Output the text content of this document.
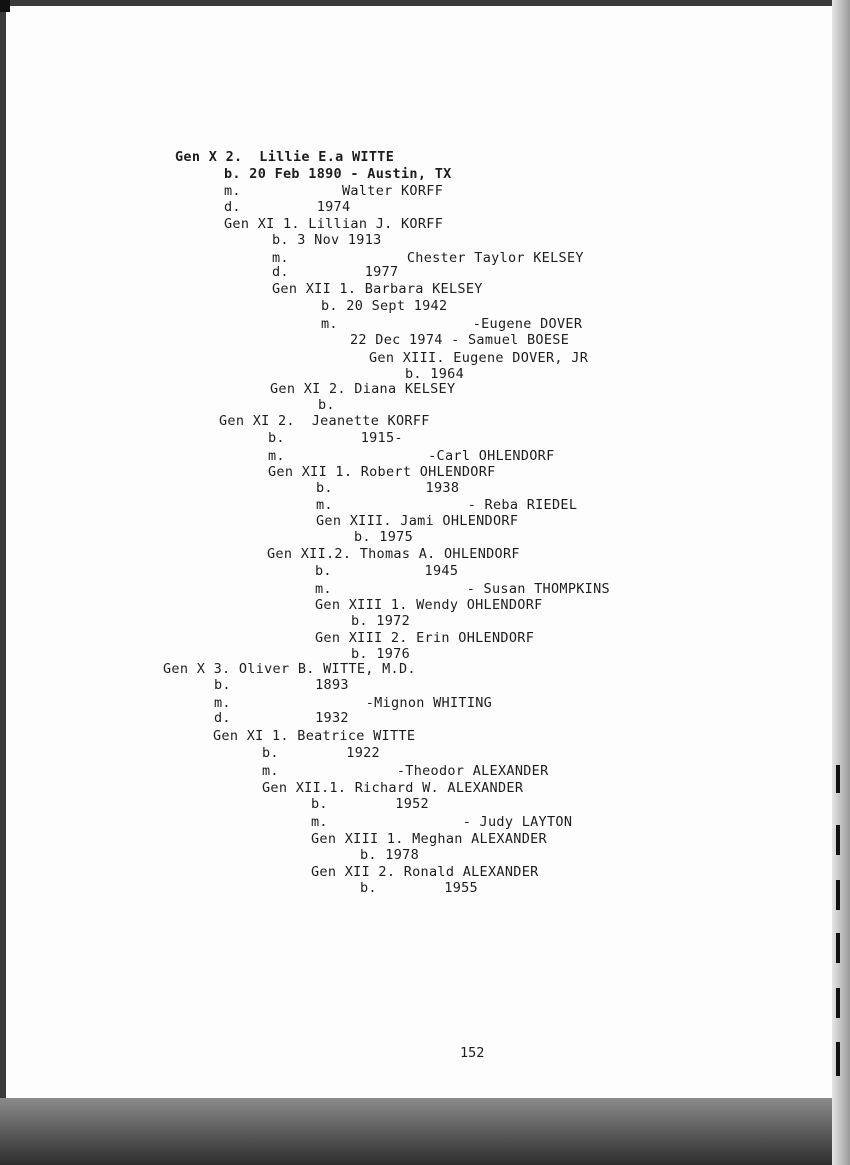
Gen X 2.  Lillie E.a WITTE
b. 20 Feb 1890 - Austin, TX
m.            Walter KORFF
d.         1974
Gen XI 1. Lillian J. KORFF
b. 3 Nov 1913
m.              Chester Taylor KELSEY
d.         1977
Gen XII 1. Barbara KELSEY
b. 20 Sept 1942
m.                -Eugene DOVER
22 Dec 1974 - Samuel BOESE
Gen XIII. Eugene DOVER, JR
b. 1964
Gen XI 2. Diana KELSEY
b.
Gen XI 2.  Jeanette KORFF
b.         1915-
m.                 -Carl OHLENDORF
Gen XII 1. Robert OHLENDORF
b.           1938
m.                - Reba RIEDEL
Gen XIII. Jami OHLENDORF
b. 1975
Gen XII.2. Thomas A. OHLENDORF
b.           1945
m.                - Susan THOMPKINS
Gen XIII 1. Wendy OHLENDORF
b. 1972
Gen XIII 2. Erin OHLENDORF
b. 1976
Gen X 3. Oliver B. WITTE, M.D.
b.          1893
m.                -Mignon WHITING
d.          1932
Gen XI 1. Beatrice WITTE
b.        1922
m.              -Theodor ALEXANDER
Gen XII.1. Richard W. ALEXANDER
b.        1952
m.                - Judy LAYTON
Gen XIII 1. Meghan ALEXANDER
b. 1978
Gen XII 2. Ronald ALEXANDER
b.        1955
152
